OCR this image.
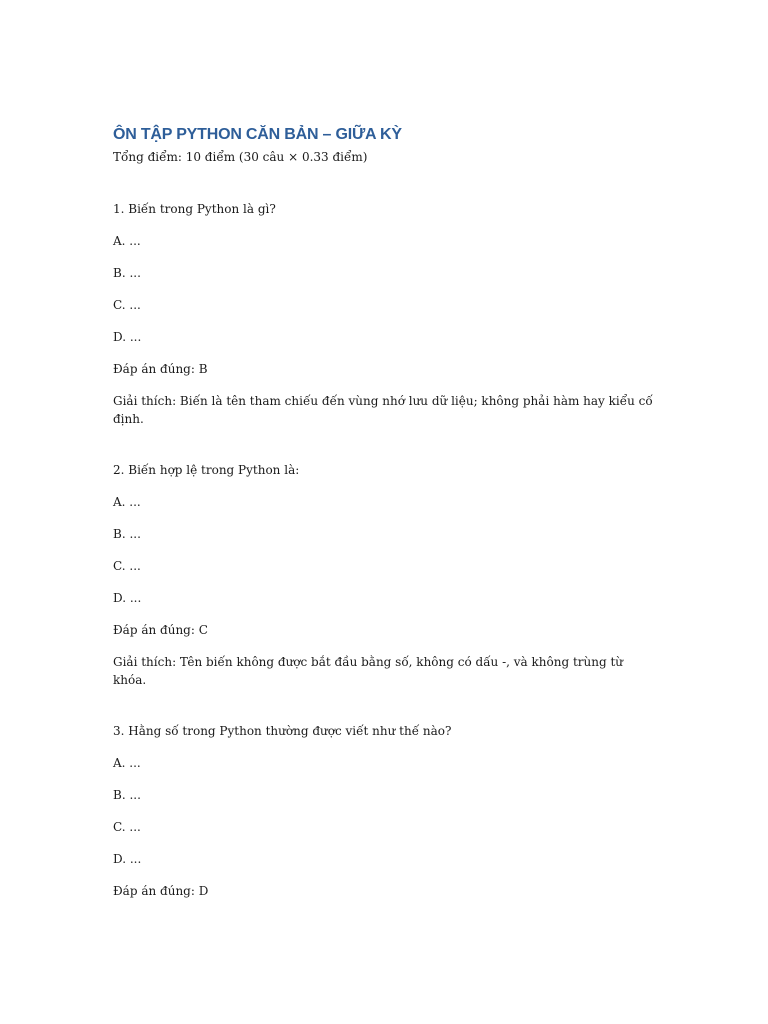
ÔN TẬP PYTHON CĂN BẢN – GIỮA KỲ

Tổng điểm: 10 điểm (30 câu × 0.33 điểm)

1. Biến trong Python là gì?

A. ...

B. ...

C. ...

D. ...

Đáp án đúng: B

Giải thích: Biến là tên tham chiếu đến vùng nhớ lưu dữ liệu; không phải hàm hay kiểu cố định.

2. Biến hợp lệ trong Python là:

A. ...

B. ...

C. ...

D. ...

Đáp án đúng: C

Giải thích: Tên biến không được bắt đầu bằng số, không có dấu -, và không trùng từ khóa.

3. Hằng số trong Python thường được viết như thế nào?

A. ...

B. ...

C. ...

D. ...

Đáp án đúng: D
